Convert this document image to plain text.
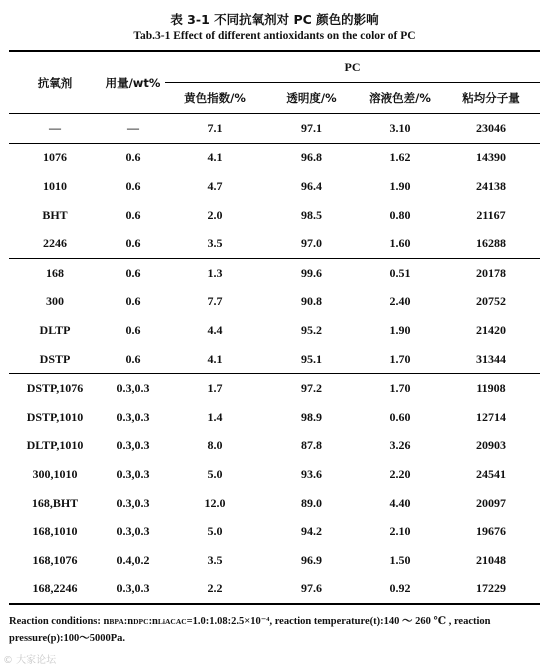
表 3-1 不同抗氧剂对 PC 颜色的影响
Tab.3-1 Effect of different antioxidants on the color of PC
抗氧剂	用量/wt%	PC			
		黄色指数/%	透明度/%	溶液色差/%	粘均分子量
—	—	7.1	97.1	3.10	23046
1076	0.6	4.1	96.8	1.62	14390
1010	0.6	4.7	96.4	1.90	24138
BHT	0.6	2.0	98.5	0.80	21167
2246	0.6	3.5	97.0	1.60	16288
168	0.6	1.3	99.6	0.51	20178
300	0.6	7.7	90.8	2.40	20752
DLTP	0.6	4.4	95.2	1.90	21420
DSTP	0.6	4.1	95.1	1.70	31344
DSTP,1076	0.3,0.3	1.7	97.2	1.70	11908
DSTP,1010	0.3,0.3	1.4	98.9	0.60	12714
DLTP,1010	0.3,0.3	8.0	87.8	3.26	20903
300,1010	0.3,0.3	5.0	93.6	2.20	24541
168,BHT	0.3,0.3	12.0	89.0	4.40	20097
168,1010	0.3,0.3	5.0	94.2	2.10	19676
168,1076	0.4,0.2	3.5	96.9	1.50	21048
168,2246	0.3,0.3	2.2	97.6	0.92	17229
Reaction conditions: nBPA:nDPC:nLiACAC=1.0:1.08:2.5×10⁻⁴, reaction temperature(t):140 ～ 260 ℃ , reaction
pressure(p):100～5000Pa.
© 大家论坛
